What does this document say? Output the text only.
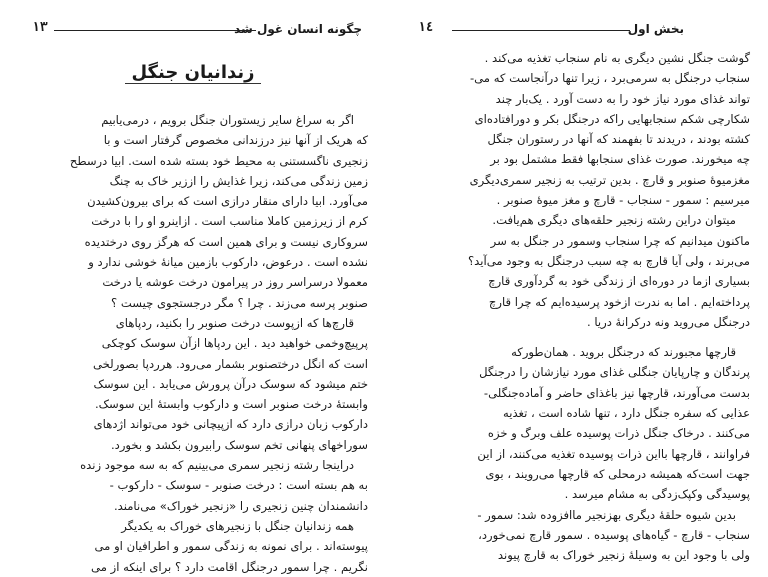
چگونه انسان غول شد
۱۳
زندانیان جنگل
اگر به سراغ سایر زیستوران جنگل برویم ، درمی‌یابیم
که هریک از آنها نیز درزندانی مخصوص گرفتار است و با
زنجیری ناگسستنی به محیط خود بسته شده است. ابیا درسطح
زمین زندگی می‌کند، زیرا غذایش را اززیر خاک به چنگ
می‌آورد. ابیا دارای منقار درازی است که برای بیرون‌کشیدن
کرم از زیرزمین کاملا مناسب است . ازاینرو او را با درخت
سروکاری نیست و برای همین است که هرگز روی درختدیده
نشده است . درعوض، دارکوب بازمین میانهٔ خوشی ندارد و
معمولا درسراسر روز در پیرامون درخت عوشه یا درخت
صنوبر پرسه می‌زند . چرا ؟ مگر درجستجوی چیست ؟
قارچ‌ها که ازپوست درخت صنوبر را بکنید، ردپاهای
پرپیچ‌وخمی خواهید دید . این ردپاها ازآن سوسک کوچکی
است که انگل درختصنوبر بشمار می‌رود. هرردپا بصورلخی
ختم میشود که سوسک درآن پرورش می‌یابد . این سوسک
وابستهٔ درخت صنوبر است و دارکوب وابستهٔ این سوسک.
دارکوب زبان درازی دارد که ازپیچانی خود می‌تواند اژدهای
سوراخهای پنهانی تخم سوسک رابیرون بکشد و بخورد.
دراینجا رشته زنجیر سمری می‌بینیم که به سه موجود زنده
به هم بسته است : درخت صنوبر - سوسک - دارکوب -
دانشمندان چنین زنجیری را «زنجیر خوراک» می‌نامند.
همه زندانیان جنگل با زنجیرهای خوراک به یکدیگر
پیوسته‌اند . برای نمونه به زندگی سمور و اطرافیان او می
نگریم . چرا سمور درجنگل اقامت دارد ؟ برای اینکه از می
بخش اول
۱٤
گوشت جنگل نشین دیگری به نام سنجاب تغذیه می‌کند .
سنجاب درجنگل به سرمی‌برد ، زیرا تنها درآنجاست که می-
تواند غذای مورد نیاز خود را به دست آورد . یک‌بار چند
شکارچی شکم سنجابهایی راکه درجنگل بکر و دورافتاده‌ای
کشته بودند ، دریدند تا بفهمند که آنها در رستوران جنگل
چه میخورند. صورت غذای سنجابها فقط مشتمل بود بر
مغزمیوهٔ صنوبر و قارچ . بدین ترتیب به زنجیر سمری‌دیگری
میرسیم : سمور - سنجاب - قارچ و مغز میوهٔ صنوبر .
میتوان دراین رشته زنجیر حلقه‌های دیگری هم‌یافت.
ماکنون میدانیم که چرا سنجاب وسمور در جنگل به سر
می‌برند ، ولی آیا قارچ به چه سبب درجنگل به وجود می‌آید؟
بسیاری ازما در دوره‌ای از زندگی خود به گردآوری قارچ
پرداخته‌ایم . اما به ندرت ازخود پرسیده‌ایم که چرا قارچ
درجنگل می‌روید ونه درکرانهٔ دریا .
قارچها مجبورند که درجنگل بروید . همان‌طورکه
پرندگان و چارپایان جنگلی غذای مورد نیازشان را درجنگل
بدست می‌آورند، قارچها نیز باغذای حاضر و آماده‌جنگلی-
عذایی که سفره جنگل دارد ، تنها شاده است ، تغذیه
می‌کنند . درخاک جنگل ذرات پوسیده علف وبرگ و خزه
فراوانند ، قارچها بااین ذرات پوسیده تغذیه می‌کنند، از این
جهت است‌که همیشه درمحلی که قارچها می‌رویند ، بوی
پوسیدگی وکپک‌زدگی به مشام میرسد .
بدین شیوه حلقهٔ دیگری بهزنجیر ماافزوده شد: سمور -
سنجاب - قارچ - گیاه‌های پوسیده . سمور قارچ نمی‌خورد،
ولی با وجود این به وسیلهٔ زنجیر خوراک به قارچ پیوند
